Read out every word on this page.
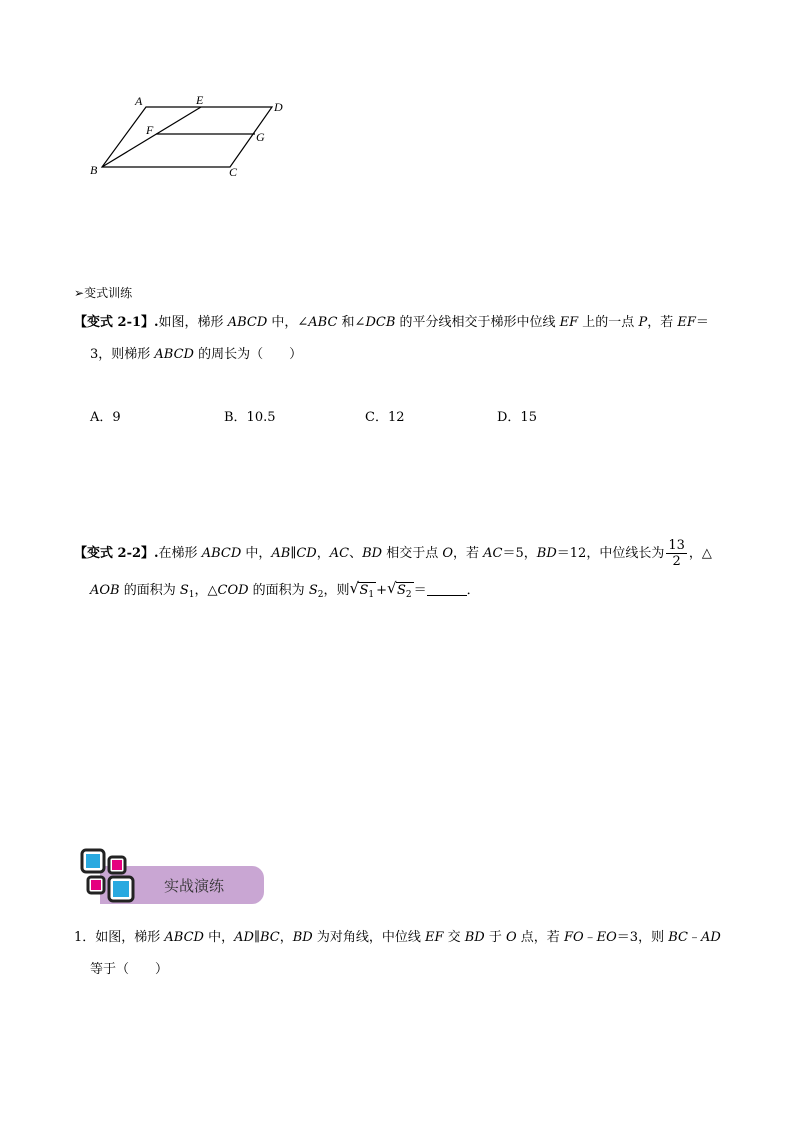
A	E	D
F	G
B	C
➢变式训练
【变式 2-1】.如图，梯形 ABCD 中，∠ABC 和∠DCB 的平分线相交于梯形中位线 EF 上的一点 P，若 EF＝
3，则梯形 ABCD 的周长为（　　）
A．9	B．10.5	C．12	D．15
【变式 2-2】.在梯形 ABCD 中，AB∥CD，AC、BD 相交于点 O，若 AC＝5，BD＝12，中位线长为 $\frac{13}{2}$ ，△
AOB 的面积为 $S_1$，△COD 的面积为 $S_2$，则 √ $S_1$ + √ $S_2$ ＝	．
实战演练
1．如图，梯形 ABCD 中，AD∥BC，BD 为对角线，中位线 EF 交 BD 于 O 点，若 FO﹣EO＝3，则 BC﹣AD
等于（　　）
